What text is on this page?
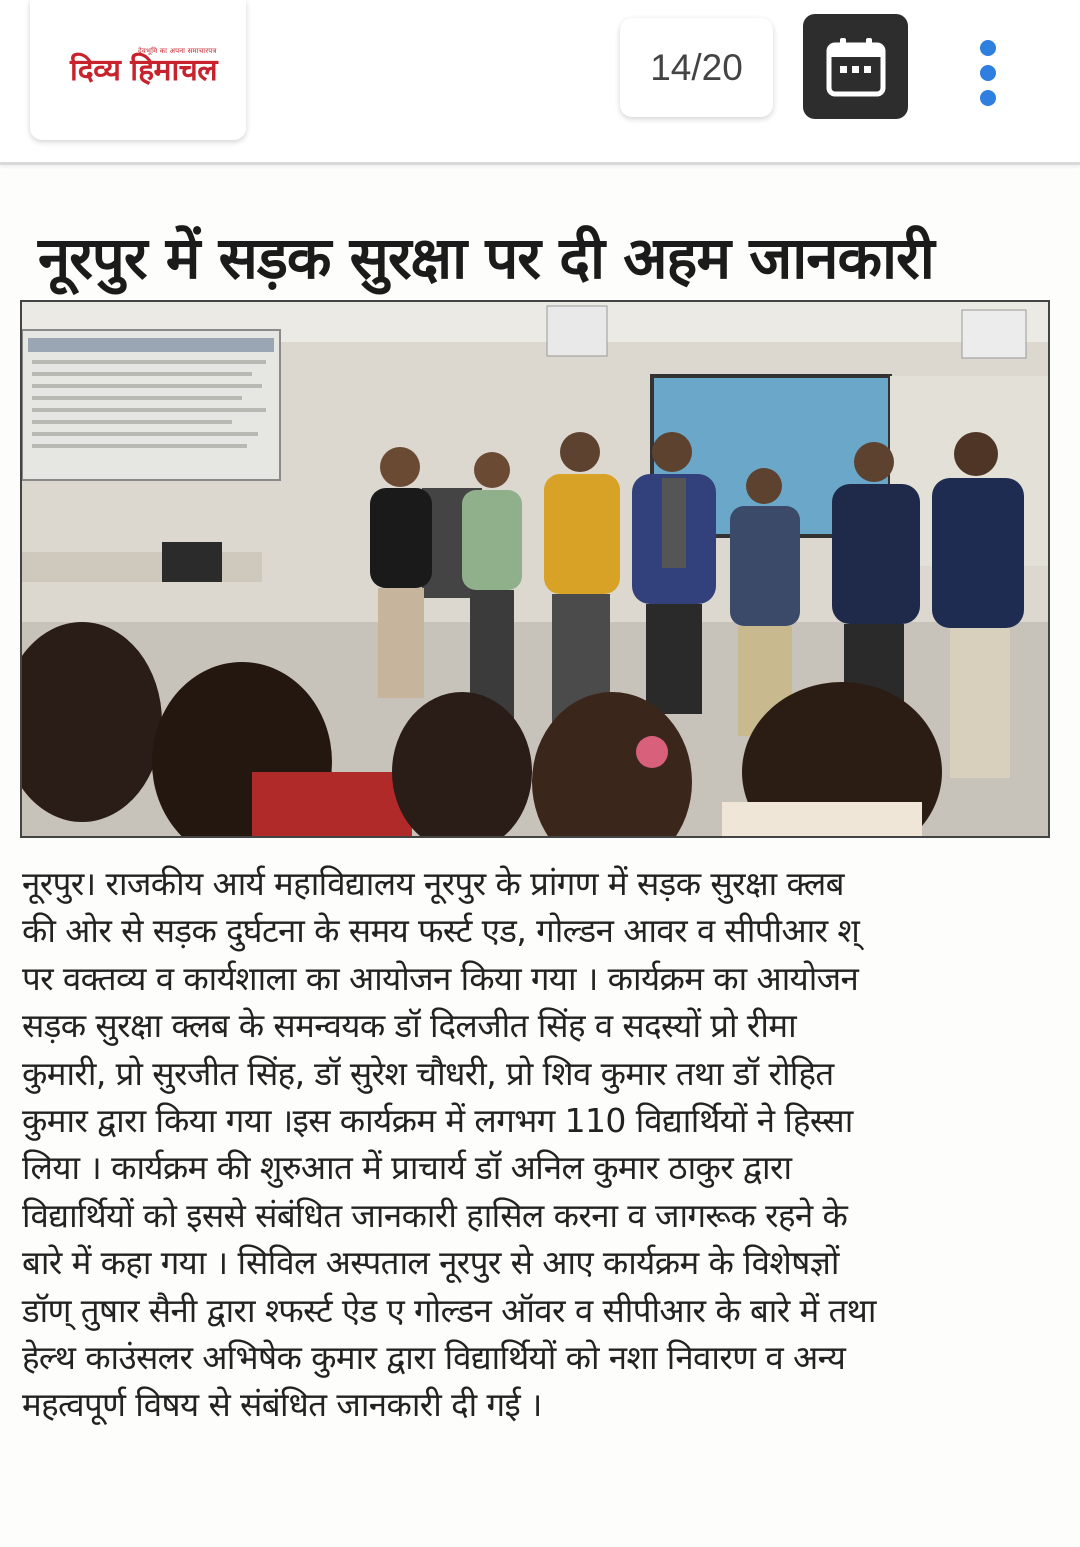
देवभूमि का अपना समाचारपत्र
दिव्य हिमाचल	14/20
नूरपुर में सड़क सुरक्षा पर दी अहम जानकारी

नूरपुर। राजकीय आर्य महाविद्यालय नूरपुर के प्रांगण में सड़क सुरक्षा क्लब

की ओर से सड़क दुर्घटना के समय फर्स्ट एड, गोल्डन आवर व सीपीआर श्

पर वक्तव्य व कार्यशाला का आयोजन किया गया । कार्यक्रम का आयोजन

सड़क सुरक्षा क्लब के समन्वयक डॉ दिलजीत सिंह व सदस्यों प्रो रीमा

कुमारी, प्रो सुरजीत सिंह, डॉ सुरेश चौधरी, प्रो शिव कुमार तथा डॉ रोहित

कुमार द्वारा किया गया ।इस कार्यक्रम में लगभग 110 विद्यार्थियों ने हिस्सा

लिया । कार्यक्रम की शुरुआत में प्राचार्य डॉ अनिल कुमार ठाकुर द्वारा

विद्यार्थियों को इससे संबंधित जानकारी हासिल करना व जागरूक रहने के

बारे में कहा गया । सिविल अस्पताल नूरपुर से आए कार्यक्रम के विशेषज्ञों

डॉण् तुषार सैनी द्वारा श्फर्स्ट ऐड ए गोल्डन ऑवर व सीपीआर के बारे में तथा

हेल्थ काउंसलर अभिषेक कुमार द्वारा विद्यार्थियों को नशा निवारण व अन्य

महत्वपूर्ण विषय से संबंधित जानकारी दी गई ।
